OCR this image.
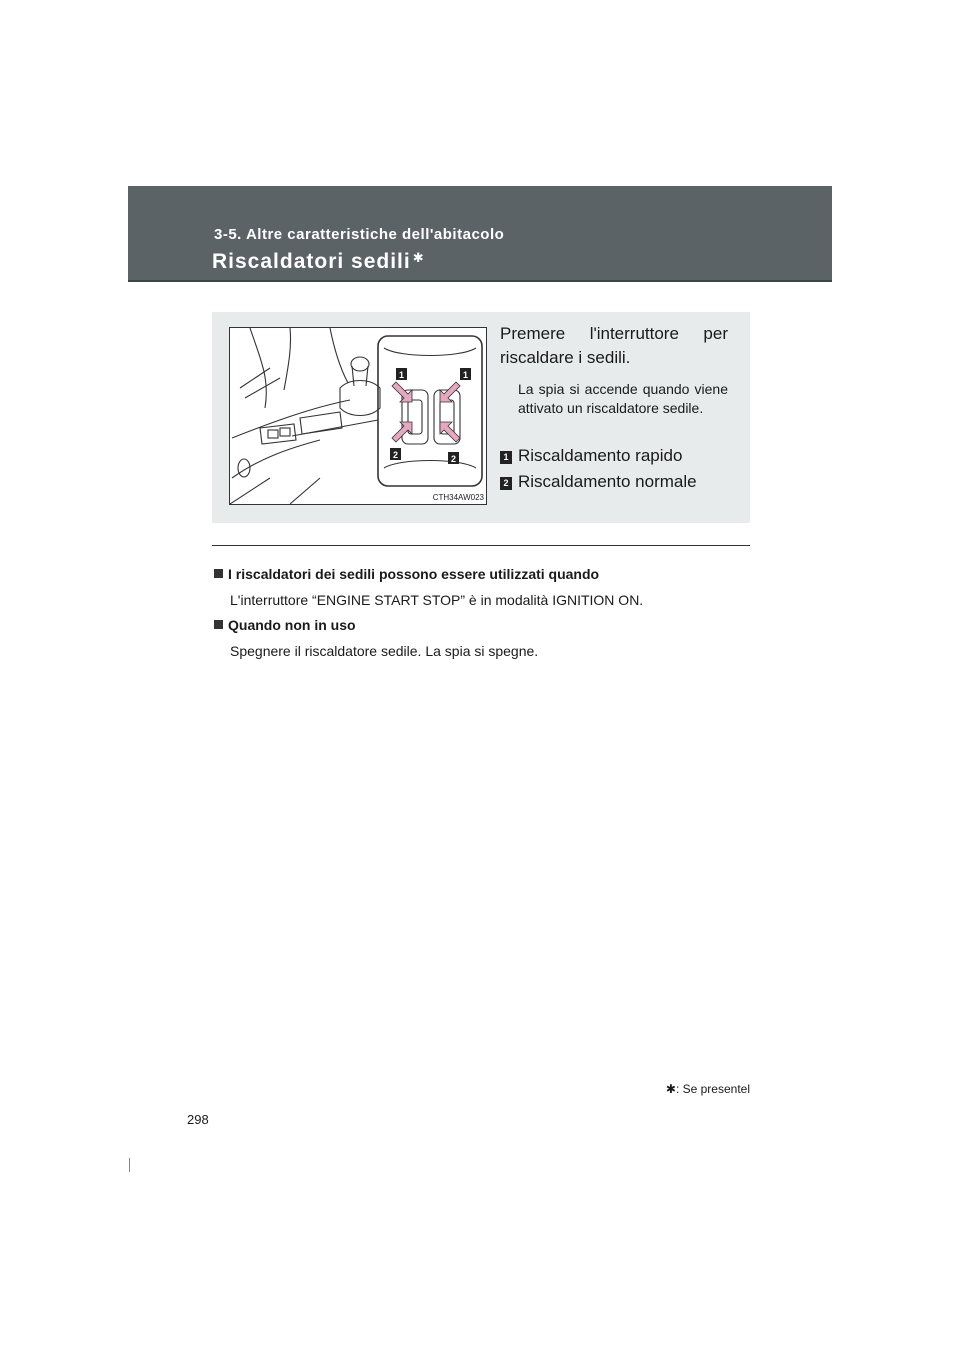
3-5. Altre caratteristiche dell'abitacolo
Riscaldatori sedili ✱
1	1
2	2
CTH34AW023
Premere l'interruttore per riscaldare i sedili.
La spia si accende quando viene attivato un riscaldatore sedile.
1 Riscaldamento rapido
2 Riscaldamento normale
I riscaldatori dei sedili possono essere utilizzati quando
L'interruttore “ENGINE START STOP” è in modalità IGNITION ON.
Quando non in uso
Spegnere il riscaldatore sedile. La spia si spegne.
✱: Se presentel
298
